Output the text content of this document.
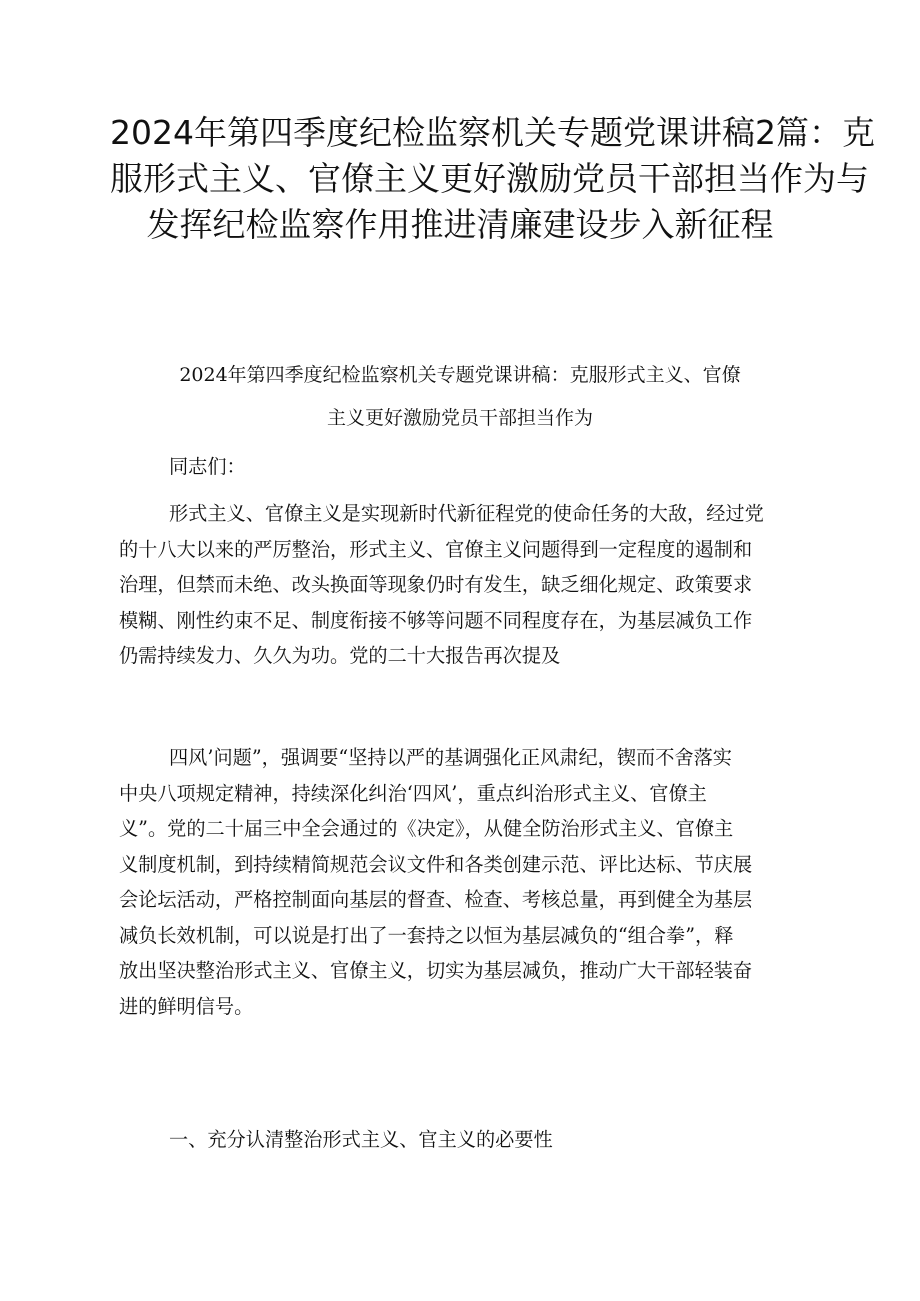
2024年第四季度纪检监察机关专题党课讲稿2篇：克
服形式主义、官僚主义更好激励党员干部担当作为与
发挥纪检监察作用推进清廉建设步入新征程
2024年第四季度纪检监察机关专题党课讲稿：克服形式主义、官僚
主义更好激励党员干部担当作为
同志们：
形式主义、官僚主义是实现新时代新征程党的使命任务的大敌，经过党
的十八大以来的严厉整治，形式主义、官僚主义问题得到一定程度的遏制和
治理，但禁而未绝、改头换面等现象仍时有发生，缺乏细化规定、政策要求
模糊、刚性约束不足、制度衔接不够等问题不同程度存在，为基层减负工作
仍需持续发力、久久为功。党的二十大报告再次提及
四风’问题”，强调要“坚持以严的基调强化正风肃纪，锲而不舍落实
中央八项规定精神，持续深化纠治‘四风’，重点纠治形式主义、官僚主
义”。党的二十届三中全会通过的《决定》，从健全防治形式主义、官僚主
义制度机制，到持续精简规范会议文件和各类创建示范、评比达标、节庆展
会论坛活动，严格控制面向基层的督查、检查、考核总量，再到健全为基层
减负长效机制，可以说是打出了一套持之以恒为基层减负的“组合拳”，释
放出坚决整治形式主义、官僚主义，切实为基层减负，推动广大干部轻装奋
进的鲜明信号。
一、充分认清整治形式主义、官主义的必要性
